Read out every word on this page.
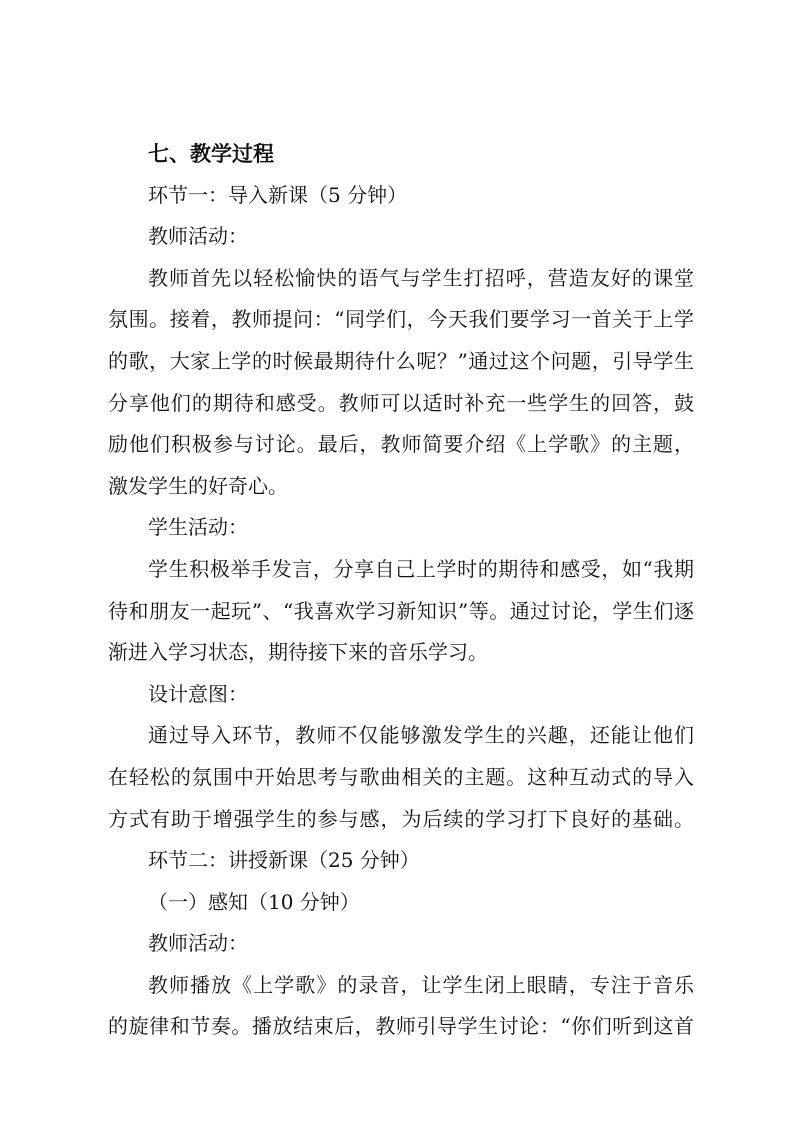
七、教学过程
环节一：导入新课（5 分钟）
教师活动：
教师首先以轻松愉快的语气与学生打招呼，营造友好的课堂
氛围。接着，教师提问：“同学们，今天我们要学习一首关于上学
的歌，大家上学的时候最期待什么呢？”通过这个问题，引导学生
分享他们的期待和感受。教师可以适时补充一些学生的回答，鼓
励他们积极参与讨论。最后，教师简要介绍《上学歌》的主题，
激发学生的好奇心。
学生活动：
学生积极举手发言，分享自己上学时的期待和感受，如“我期
待和朋友一起玩”、“我喜欢学习新知识”等。通过讨论，学生们逐
渐进入学习状态，期待接下来的音乐学习。
设计意图：
通过导入环节，教师不仅能够激发学生的兴趣，还能让他们
在轻松的氛围中开始思考与歌曲相关的主题。这种互动式的导入
方式有助于增强学生的参与感，为后续的学习打下良好的基础。
环节二：讲授新课（25 分钟）
（一）感知（10 分钟）
教师活动：
教师播放《上学歌》的录音，让学生闭上眼睛，专注于音乐
的旋律和节奏。播放结束后，教师引导学生讨论：“你们听到这首
